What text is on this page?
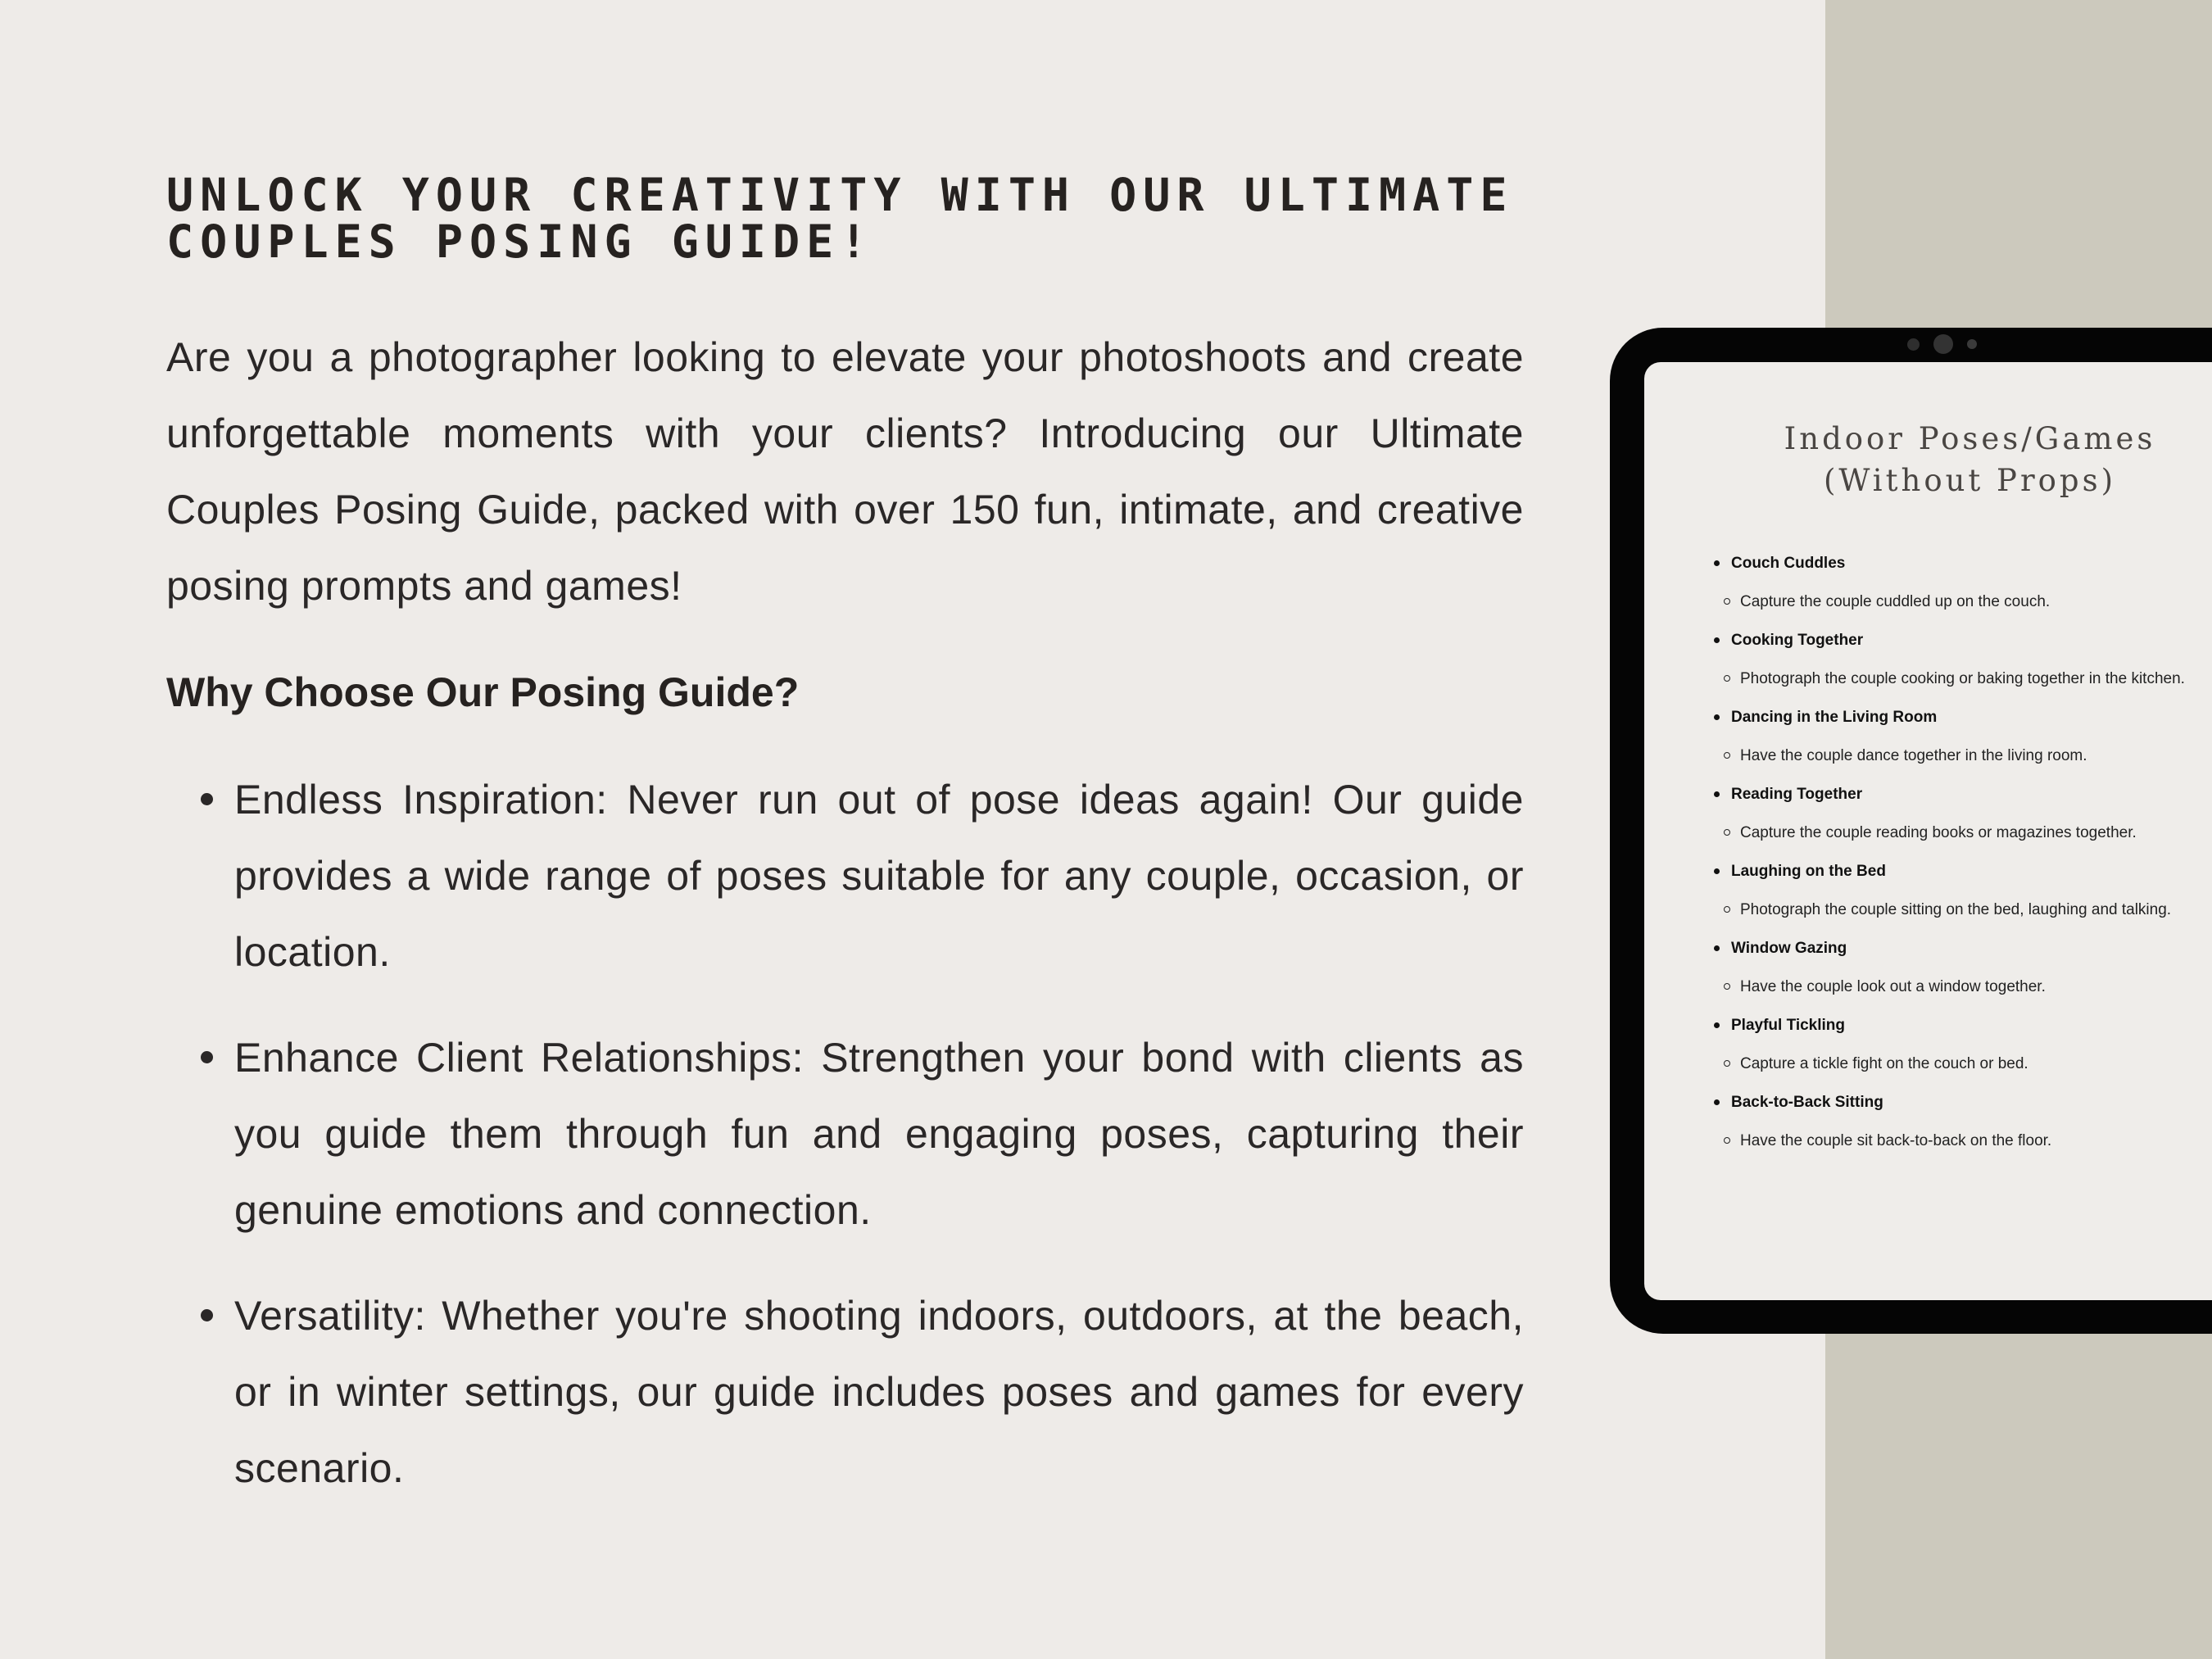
UNLOCK YOUR CREATIVITY WITH OUR ULTIMATE COUPLES POSING GUIDE!

Are you a photographer looking to elevate your photoshoots and create unforgettable moments with your clients? Introducing our Ultimate Couples Posing Guide, packed with over 150 fun, intimate, and creative posing prompts and games!

Why Choose Our Posing Guide?
Endless Inspiration: Never run out of pose ideas again! Our guide provides a wide range of poses suitable for any couple, occasion, or location.
Enhance Client Relationships: Strengthen your bond with clients as you guide them through fun and engaging poses, capturing their genuine emotions and connection.
Versatility: Whether you're shooting indoors, outdoors, at the beach, or in winter settings, our guide includes poses and games for every scenario.
Indoor Poses/Games
(Without Props)
Couch Cuddles
Capture the couple cuddled up on the couch.
Cooking Together
Photograph the couple cooking or baking together in the kitchen.
Dancing in the Living Room
Have the couple dance together in the living room.
Reading Together
Capture the couple reading books or magazines together.
Laughing on the Bed
Photograph the couple sitting on the bed, laughing and talking.
Window Gazing
Have the couple look out a window together.
Playful Tickling
Capture a tickle fight on the couch or bed.
Back-to-Back Sitting
Have the couple sit back-to-back on the floor.
